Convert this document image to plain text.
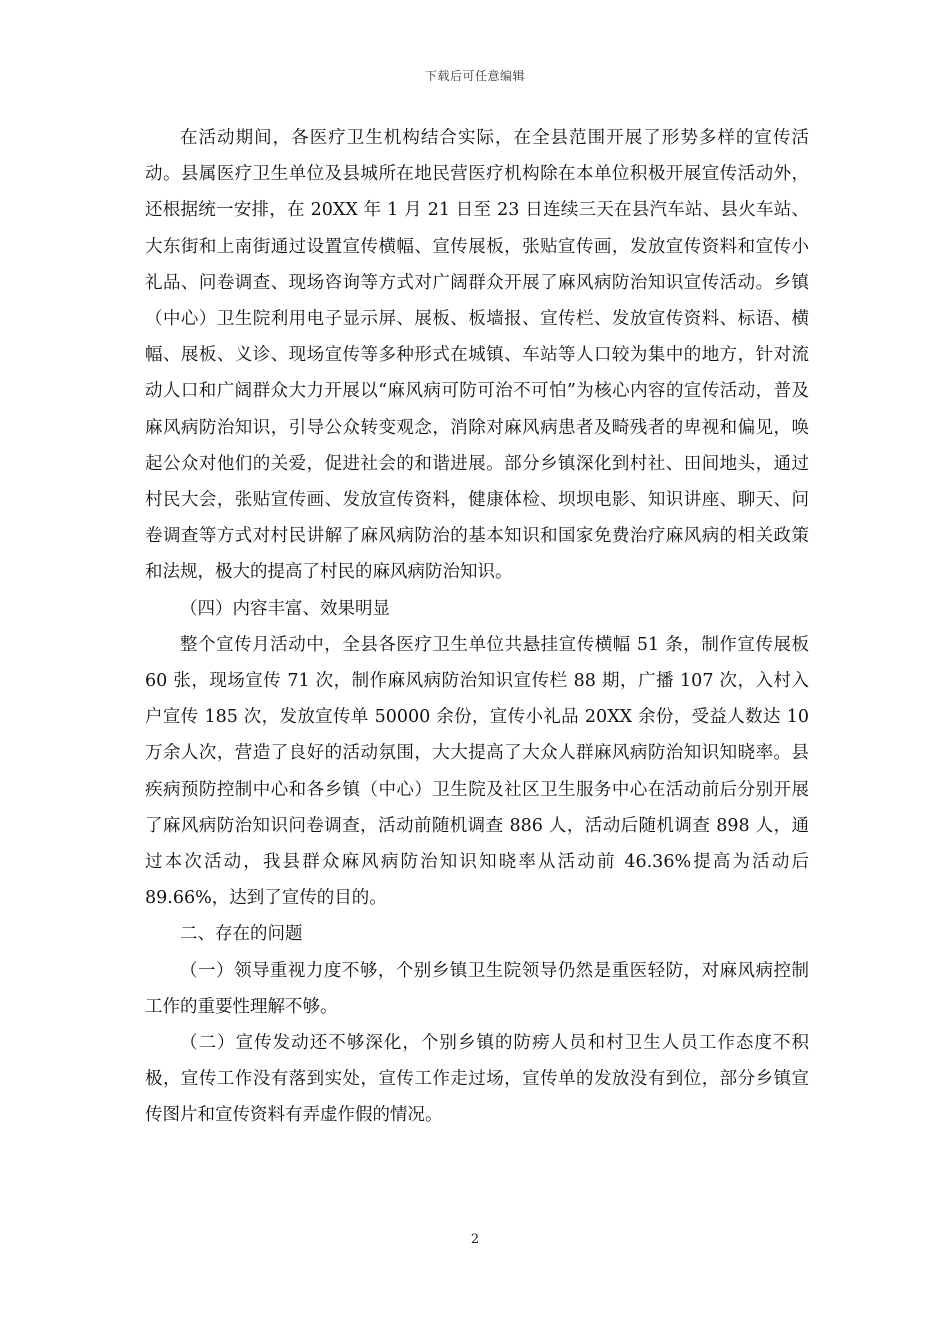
下载后可任意编辑

在活动期间，各医疗卫生机构结合实际，在全县范围开展了形势多样的宣传活动。县属医疗卫生单位及县城所在地民营医疗机构除在本单位积极开展宣传活动外，还根据统一安排，在 20XX 年 1 月 21 日至 23 日连续三天在县汽车站、县火车站、大东街和上南街通过设置宣传横幅、宣传展板，张贴宣传画，发放宣传资料和宣传小礼品、问卷调查、现场咨询等方式对广阔群众开展了麻风病防治知识宣传活动。乡镇（中心）卫生院利用电子显示屏、展板、板墙报、宣传栏、发放宣传资料、标语、横幅、展板、义诊、现场宣传等多种形式在城镇、车站等人口较为集中的地方，针对流动人口和广阔群众大力开展以“麻风病可防可治不可怕”为核心内容的宣传活动，普及麻风病防治知识，引导公众转变观念，消除对麻风病患者及畸残者的卑视和偏见，唤起公众对他们的关爱，促进社会的和谐进展。部分乡镇深化到村社、田间地头，通过村民大会，张贴宣传画、发放宣传资料，健康体检、坝坝电影、知识讲座、聊天、问卷调查等方式对村民讲解了麻风病防治的基本知识和国家免费治疗麻风病的相关政策和法规，极大的提高了村民的麻风病防治知识。

（四）内容丰富、效果明显

整个宣传月活动中，全县各医疗卫生单位共悬挂宣传横幅 51 条，制作宣传展板 60 张，现场宣传 71 次，制作麻风病防治知识宣传栏 88 期，广播 107 次，入村入户宣传 185 次，发放宣传单 50000 余份，宣传小礼品 20XX 余份，受益人数达 10 万余人次，营造了良好的活动氛围，大大提高了大众人群麻风病防治知识知晓率。县疾病预防控制中心和各乡镇（中心）卫生院及社区卫生服务中心在活动前后分别开展了麻风病防治知识问卷调查，活动前随机调查 886 人，活动后随机调查 898 人，通过本次活动，我县群众麻风病防治知识知晓率从活动前 46.36%提高为活动后 89.66%，达到了宣传的目的。

二、存在的问题

（一）领导重视力度不够，个别乡镇卫生院领导仍然是重医轻防，对麻风病控制工作的重要性理解不够。

（二）宣传发动还不够深化，个别乡镇的防痨人员和村卫生人员工作态度不积极，宣传工作没有落到实处，宣传工作走过场，宣传单的发放没有到位，部分乡镇宣传图片和宣传资料有弄虚作假的情况。

2
